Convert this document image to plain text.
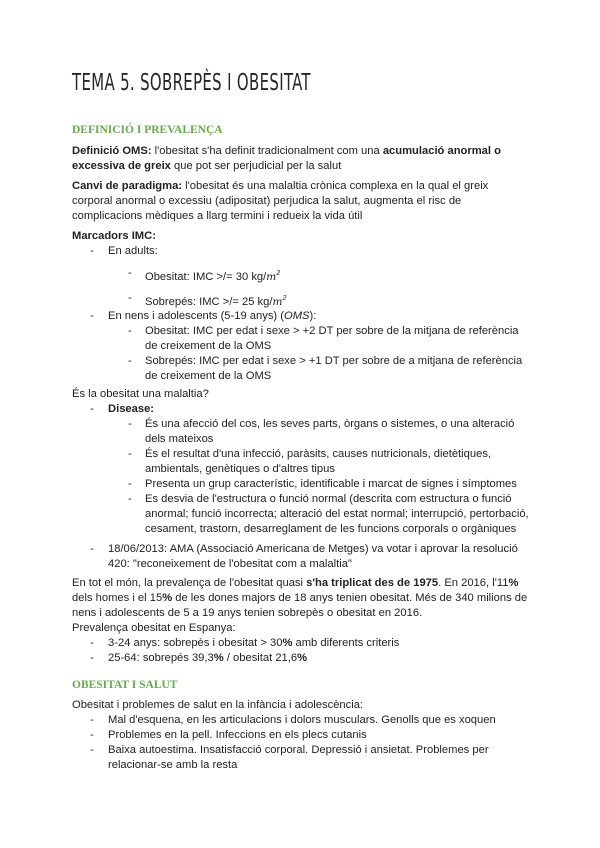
TEMA 5. SOBREPÈS I OBESITAT
DEFINICIÓ I PREVALENÇA
Definició OMS: l'obesitat s'ha definit tradicionalment com una acumulació anormal o
excessiva de greix que pot ser perjudicial per la salut
Canvi de paradigma: l'obesitat és una malaltia crònica complexa en la qual el greix
corporal anormal o excessiu (adipositat) perjudica la salut, augmenta el risc de
complicacions mèdiques a llarg termini i redueix la vida útil
Marcadors IMC:
- En adults:
- Obesitat: IMC >/= 30 $kg/m^2$
- Sobrepés: IMC >/= 25 $kg/m^2$
- En nens i adolescents (5-19 anys) (OMS):
- Obesitat: IMC per edat i sexe > +2 DT per sobre de la mitjana de referència
de creixement de la OMS
- Sobrepés: IMC per edat i sexe > +1 DT per sobre de a mitjana de referència
de creixement de la OMS
És la obesitat una malaltia?
- Disease:
- És una afecció del cos, les seves parts, òrgans o sistemes, o una alteració
dels mateixos
- És el resultat d'una infecció, paràsits, causes nutricionals, dietètiques,
ambientals, genètiques o d'altres tipus
- Presenta un grup característic, identificable i marcat de signes i símptomes
- Es desvia de l'estructura o funció normal (descrita com estructura o funció
anormal; funció incorrecta; alteració del estat normal; interrupció, pertorbació,
cesament, trastorn, desarreglament de les funcions corporals o orgàniques
- 18/06/2013: AMA (Associació Americana de Metges) va votar i aprovar la resolució
420: "reconeixement de l'obesitat com a malaltia"
En tot el món, la prevalença de l'obesitat quasi s'ha triplicat des de 1975. En 2016, l'11%
dels homes i el 15% de les dones majors de 18 anys tenien obesitat. Més de 340 milions de
nens i adolescents de 5 a 19 anys tenien sobrepès o obesitat en 2016.
Prevalença obesitat en Espanya:
- 3-24 anys: sobrepès i obesitat > 30% amb diferents criteris
- 25-64: sobrepés 39,3% / obesitat 21,6%
OBESITAT I SALUT
Obesitat i problemes de salut en la infància i adolescència:
- Mal d'esquena, en les articulacions i dolors musculars. Genolls que es xoquen
- Problemes en la pell. Infeccions en els plecs cutanis
- Baixa autoestima. Insatisfacció corporal. Depressió i ansietat. Problemes per
relacionar-se amb la resta
